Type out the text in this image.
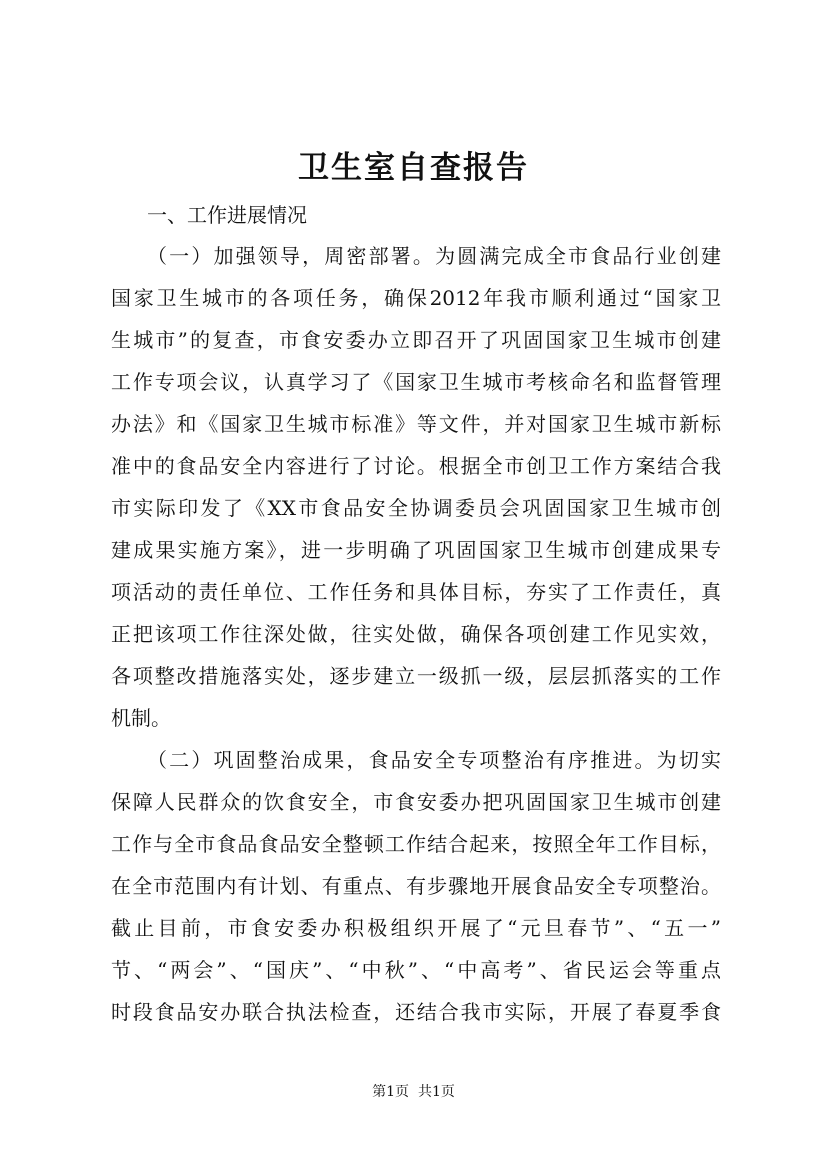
卫生室自查报告
一、工作进展情况
（一）加强领导，周密部署。为圆满完成全市食品行业创建
国家卫生城市的各项任务，确保2012年我市顺利通过“国家卫
生城市”的复查，市食安委办立即召开了巩固国家卫生城市创建
工作专项会议，认真学习了《国家卫生城市考核命名和监督管理
办法》和《国家卫生城市标准》等文件，并对国家卫生城市新标
准中的食品安全内容进行了讨论。根据全市创卫工作方案结合我
市实际印发了《XX市食品安全协调委员会巩固国家卫生城市创
建成果实施方案》，进一步明确了巩固国家卫生城市创建成果专
项活动的责任单位、工作任务和具体目标，夯实了工作责任，真
正把该项工作往深处做，往实处做，确保各项创建工作见实效，
各项整改措施落实处，逐步建立一级抓一级，层层抓落实的工作
机制。
（二）巩固整治成果，食品安全专项整治有序推进。为切实
保障人民群众的饮食安全，市食安委办把巩固国家卫生城市创建
工作与全市食品食品安全整顿工作结合起来，按照全年工作目标，
在全市范围内有计划、有重点、有步骤地开展食品安全专项整治。
截止目前，市食安委办积极组织开展了“元旦春节”、“五一”
节、“两会”、“国庆”、“中秋”、“中高考”、省民运会等重点
时段食品安办联合执法检查，还结合我市实际，开展了春夏季食
第1页  共1页
